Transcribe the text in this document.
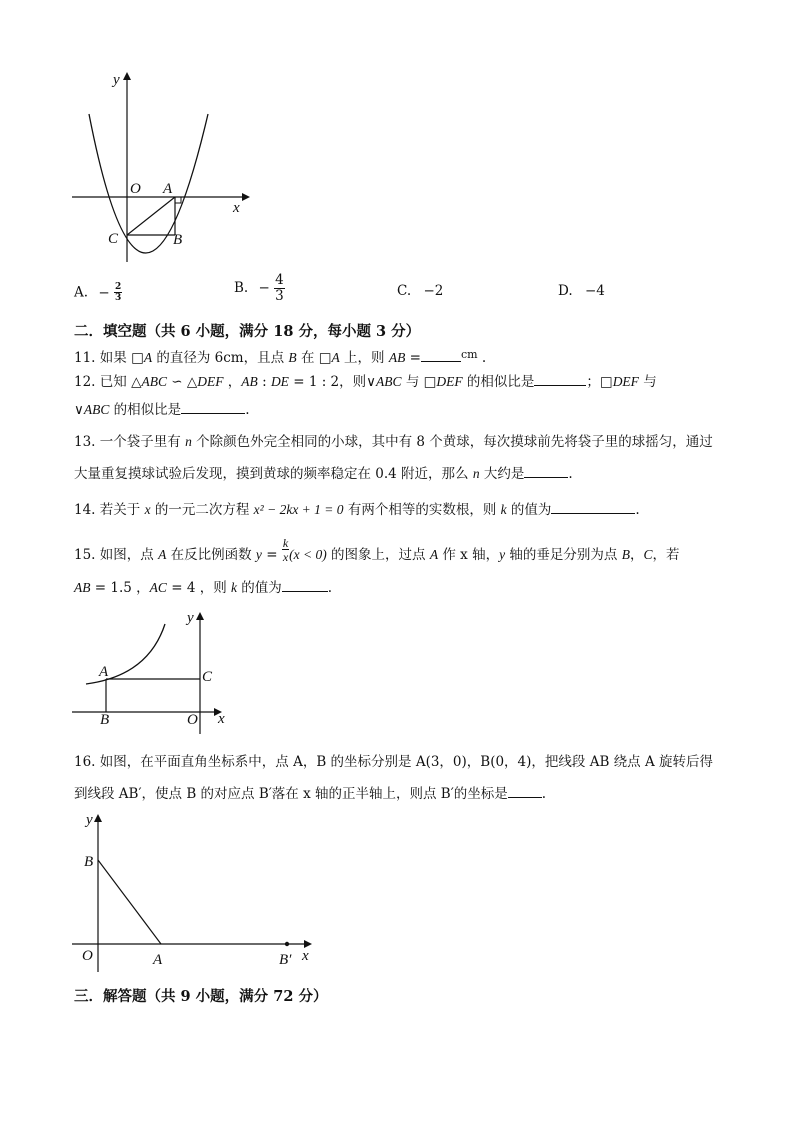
y
x
O A
C	B
A. − $\frac{2}{3}$	B. − $\frac{4}{3}$	C. −2	D. −4
二．填空题（共 6 小题，满分 18 分，每小题 3 分）
11. 如果 □A 的直径为 6cm，且点 B 在 □A 上，则 AB =	$^{cm}$ .
12. 已知 △ABC ∽ △DEF ，AB : DE = 1 : 2，则∨ABC 与 □DEF 的相似比是	；□DEF 与
∨ABC 的相似比是	.
13. 一个袋子里有 n 个除颜色外完全相同的小球，其中有 8 个黄球，每次摸球前先将袋子里的球摇匀，通过
大量重复摸球试验后发现，摸到黄球的频率稳定在 0.4 附近，那么 n 大约是	.
14. 若关于 x 的一元二次方程 x² − 2kx + 1 = 0 有两个相等的实数根，则 k 的值为	.
15. 如图，点 A 在反比例函数 $y = \frac{k}{x} (x < 0)$ 的图象上，过点 A 作 x 轴，y 轴的垂足分别为点 B，C，若
AB = 1.5 ，AC = 4 ，则 k 的值为	.
y
x
A	C
B	O
16. 如图，在平面直角坐标系中，点 A，B 的坐标分别是 A(3，0)，B(0，4)，把线段 AB 绕点 A 旋转后得
到线段 AB′，使点 B 的对应点 B′落在 x 轴的正半轴上，则点 B′的坐标是	.
y
B
O	A	B′ x
三．解答题（共 9 小题，满分 72 分）
